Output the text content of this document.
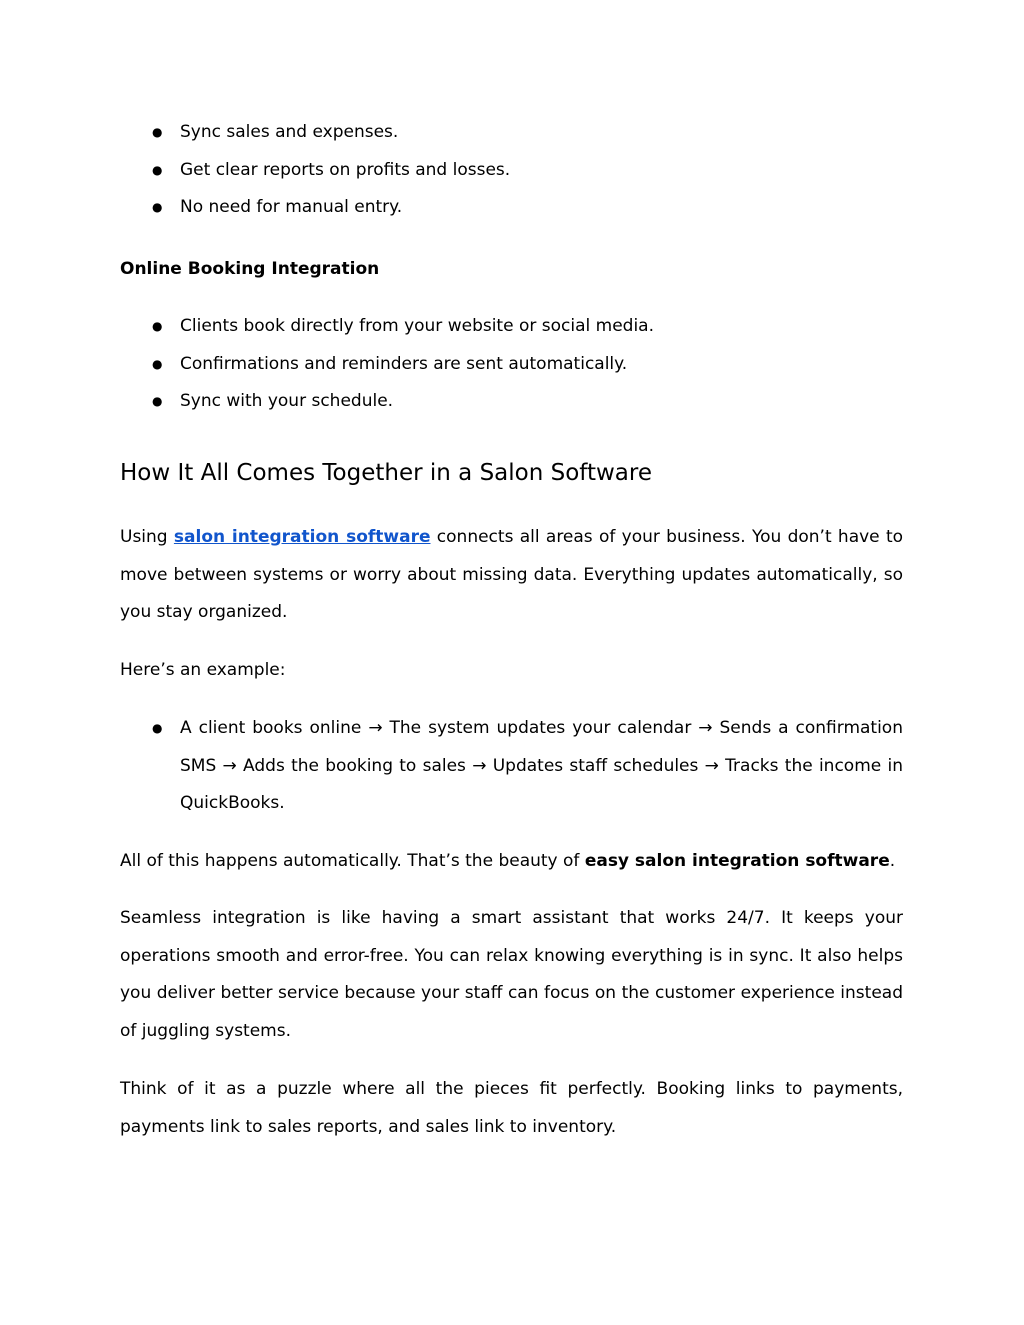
● Sync sales and expenses.
● Get clear reports on profits and losses.
● No need for manual entry.
Online Booking Integration
● Clients book directly from your website or social media.
● Confirmations and reminders are sent automatically.
● Sync with your schedule.
How It All Comes Together in a Salon Software

Using salon integration software connects all areas of your business. You don’t have to move between systems or worry about missing data. Everything updates automatically, so you stay organized.

Here’s an example:

● A client books online → The system updates your calendar → Sends a confirmation SMS → Adds the booking to sales → Updates staff schedules → Tracks the income in QuickBooks.

All of this happens automatically. That’s the beauty of easy salon integration software.

Seamless integration is like having a smart assistant that works 24/7. It keeps your operations smooth and error-free. You can relax knowing everything is in sync. It also helps you deliver better service because your staff can focus on the customer experience instead of juggling systems.

Think of it as a puzzle where all the pieces fit perfectly. Booking links to payments, payments link to sales reports, and sales link to inventory.
